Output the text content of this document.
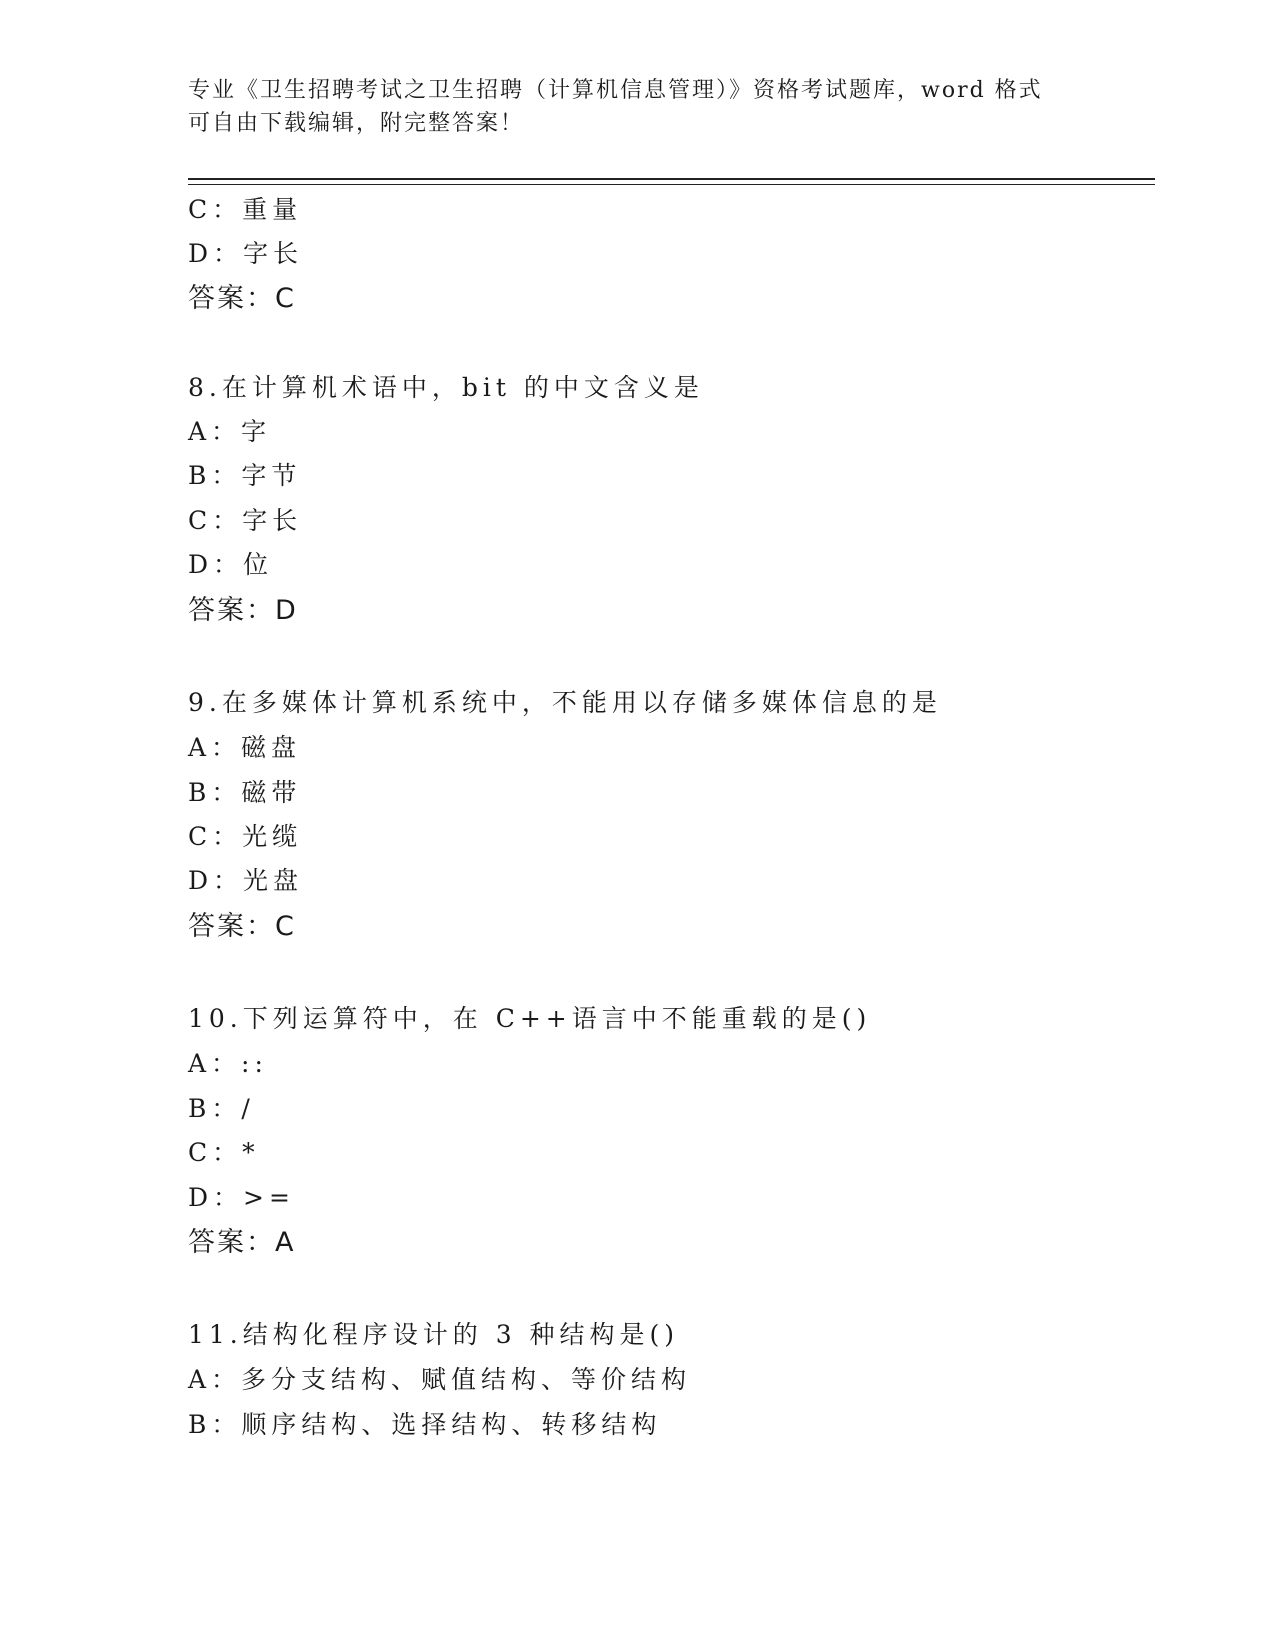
专业《卫生招聘考试之卫生招聘（计算机信息管理）》资格考试题库，word 格式
可自由下载编辑，附完整答案！
C：重量
D：字长
答案：C
8.在计算机术语中，bit 的中文含义是
A：字
B：字节
C：字长
D：位
答案：D
9.在多媒体计算机系统中，不能用以存储多媒体信息的是
A：磁盘
B：磁带
C：光缆
D：光盘
答案：C
10.下列运算符中，在 C++语言中不能重载的是()
A：::
B：/
C：*
D：>=
答案：A
11.结构化程序设计的 3 种结构是()
A：多分支结构、赋值结构、等价结构
B：顺序结构、选择结构、转移结构
